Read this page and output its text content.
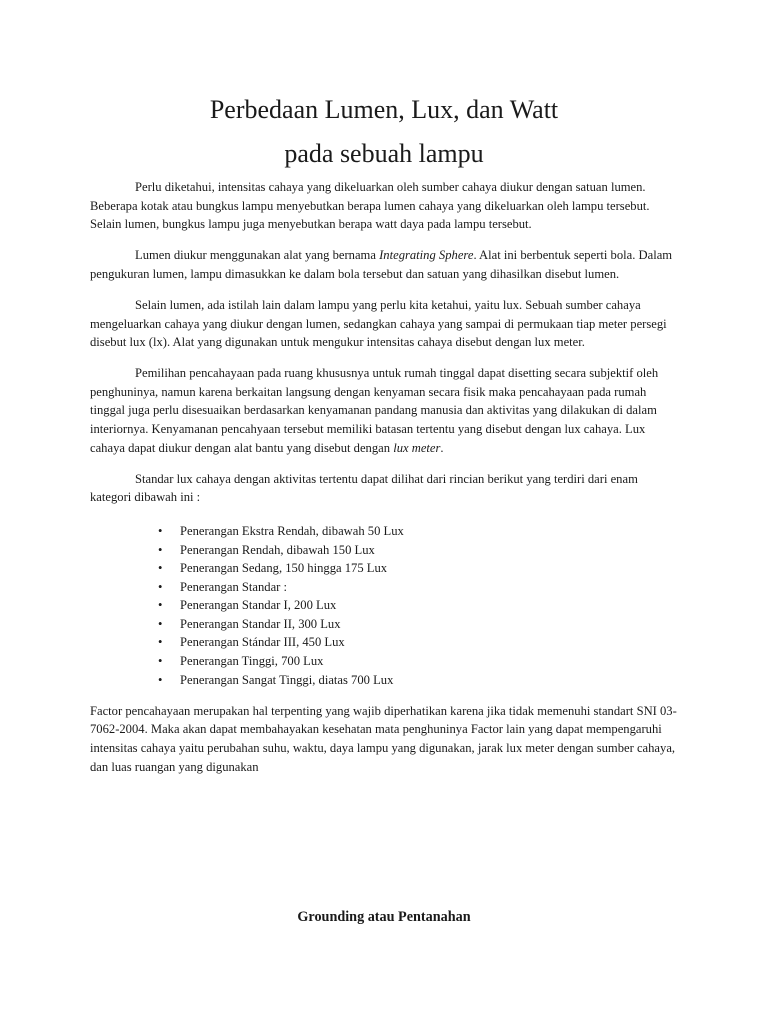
Perbedaan Lumen, Lux, dan Watt
pada sebuah lampu

Perlu diketahui, intensitas cahaya yang dikeluarkan oleh sumber cahaya diukur dengan satuan lumen. Beberapa kotak atau bungkus lampu menyebutkan berapa lumen cahaya yang dikeluarkan oleh lampu tersebut. Selain lumen, bungkus lampu juga menyebutkan berapa watt daya pada lampu tersebut.

Lumen diukur menggunakan alat yang bernama Integrating Sphere. Alat ini berbentuk seperti bola. Dalam pengukuran lumen, lampu dimasukkan ke dalam bola tersebut dan satuan yang dihasilkan disebut lumen.

Selain lumen, ada istilah lain dalam lampu yang perlu kita ketahui, yaitu lux. Sebuah sumber cahaya mengeluarkan cahaya yang diukur dengan lumen, sedangkan cahaya yang sampai di permukaan tiap meter persegi disebut lux (lx). Alat yang digunakan untuk mengukur intensitas cahaya disebut dengan lux meter.

Pemilihan pencahayaan pada ruang khususnya untuk rumah tinggal dapat disetting secara subjektif oleh penghuninya, namun karena berkaitan langsung dengan kenyaman secara fisik maka pencahayaan pada rumah tinggal juga perlu disesuaikan berdasarkan kenyamanan pandang manusia dan aktivitas yang dilakukan di dalam interiornya. Kenyamanan pencahyaan tersebut memiliki batasan tertentu yang disebut dengan lux cahaya. Lux cahaya dapat diukur dengan alat bantu yang disebut dengan lux meter.

Standar lux cahaya dengan aktivitas tertentu dapat dilihat dari rincian berikut yang terdiri dari enam kategori dibawah ini :

• Penerangan Ekstra Rendah, dibawah 50 Lux
• Penerangan Rendah, dibawah 150 Lux
• Penerangan Sedang, 150 hingga 175 Lux
• Penerangan Standar :
• Penerangan Standar I, 200 Lux
• Penerangan Standar II, 300 Lux
• Penerangan Stándar III, 450 Lux
• Penerangan Tinggi, 700 Lux
• Penerangan Sangat Tinggi, diatas 700 Lux

Factor pencahayaan merupakan hal terpenting yang wajib diperhatikan karena jika tidak memenuhi standart SNI 03-7062-2004. Maka akan dapat membahayakan kesehatan mata penghuninya Factor lain yang dapat mempengaruhi intensitas cahaya yaitu perubahan suhu, waktu, daya lampu yang digunakan, jarak lux meter dengan sumber cahaya, dan luas ruangan yang digunakan

Grounding atau Pentanahan
